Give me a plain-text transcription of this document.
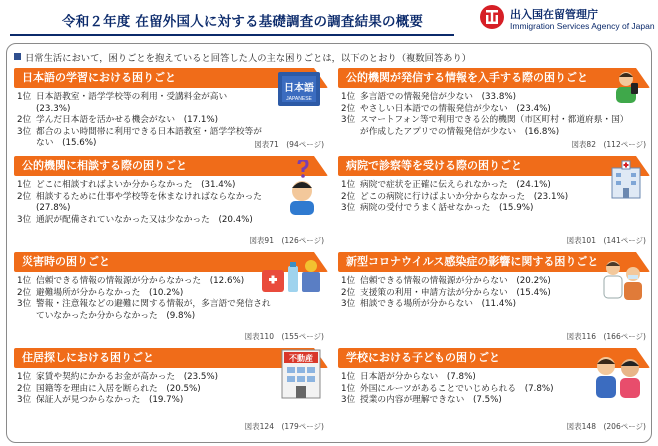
令和２年度 在留外国人に対する基礎調査の調査結果の概要	出入国在留管理庁
Immigration Services Agency of Japan
日常生活において，困りごとを抱えていると回答した人の主な困りごとは，以下のとおり（複数回答あり）
日本語の学習における困りごと
1位 日本語教室・語学学校等の利用・受講料金が高い　(23.3%)
2位 学んだ日本語を活かせる機会がない　(17.1%)
3位 都合のよい時間帯に利用できる日本語教室・語学学校等がない　(15.6%)
日本語
JAPANESE
図表71　(94ページ)
公的機関が発信する情報を入手する際の困りごと
1位 多言語での情報発信が少ない　(33.8%)
2位 やさしい日本語での情報発信が少ない　(23.4%)
3位 スマートフォン等で利用できる公的機関（市区町村・都道府県・国）が作成したアプリでの情報発信が少ない　(16.8%)
図表82　(112ページ)
公的機関に相談する際の困りごと
1位 どこに相談すればよいか分からなかった　(31.4%)
2位 相談するために仕事や学校等を休まなければならなかった　(27.8%)
3位 通訳が配備されていなかった又は少なかった　(20.4%)
図表91　(126ページ)
病院で診察等を受ける際の困りごと
1位 病院で症状を正確に伝えられなかった　(24.1%)
2位 どこの病院に行けばよいか分からなかった　(23.1%)
3位 病院の受付でうまく話せなかった　(15.9%)
図表101　(141ページ)
災害時の困りごと
1位 信頼できる情報の情報源が分からなかった　(12.6%)
2位 避難場所が分からなかった　(10.2%)
3位 警報・注意報などの避難に関する情報が，多言語で発信されていなかったか分からなかった　(9.8%)
図表110　(155ページ)
新型コロナウイルス感染症の影響に関する困りごと
1位 信頼できる情報の情報源が分からない　(20.2%)
2位 支援策の利用・申請方法が分からない　(15.4%)
3位 相談できる場所が分からない　(11.4%)
図表116　(166ページ)
住居探しにおける困りごと
1位 家賃や契約にかかるお金が高かった　(23.5%)
2位 国籍等を理由に入居を断られた　(20.5%)
3位 保証人が見つからなかった　(19.7%)
不動産
図表124　(179ページ)
学校における子どもの困りごと
1位 日本語が分からない　(7.8%)
1位 外国にルーツがあることでいじめられる　(7.8%)
3位 授業の内容が理解できない　(7.5%)
図表148　(206ページ)
